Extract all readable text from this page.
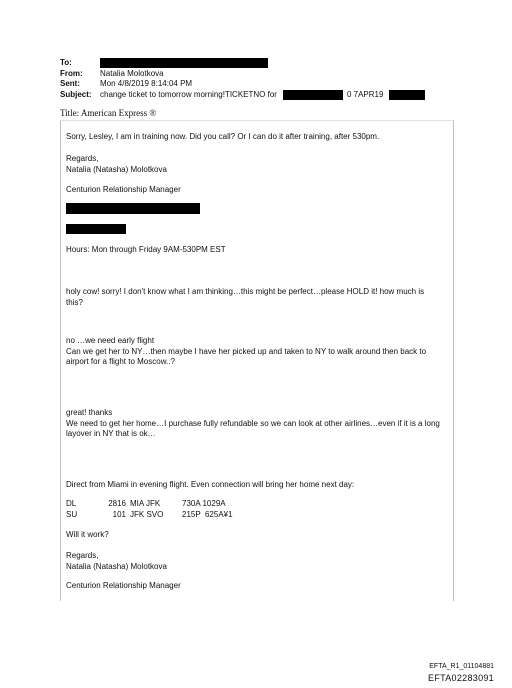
To:
From:	Natalia Molotkova
Sent:	Mon 4/8/2019 8:14:04 PM
Subject:	change ticket to tomorrow morning!TICKETNO for	0 7APR19
Title: American Express ®
Sorry, Lesley, I am in training now. Did you call? Or I can do it after training, after 530pm.
Regards,
Natalia (Natasha) Molotkova
Centurion Relationship Manager
Hours: Mon through Friday 9AM-530PM EST
holy cow! sorry! I don't know what I am thinking…this might be perfect…please HOLD it! how much is this?
no …we need early flight
Can we get her to NY…then maybe I have her picked up and taken to NY to walk around then back to airport for a flight to Moscow..?
great! thanks
We need to get her home…I purchase fully refundable so we can look at other airlines…even if it is a long layover in NY that is ok…
Direct from Miami in evening flight. Even connection will bring her home next day:
DL	2816 MIA JFK	730A 1029A
SU	101 JFK SVO	215P  625A¥1
Will it work?
Regards,
Natalia (Natasha) Molotkova
Centurion Relationship Manager
EFTA_R1_01104881
EFTA02283091
